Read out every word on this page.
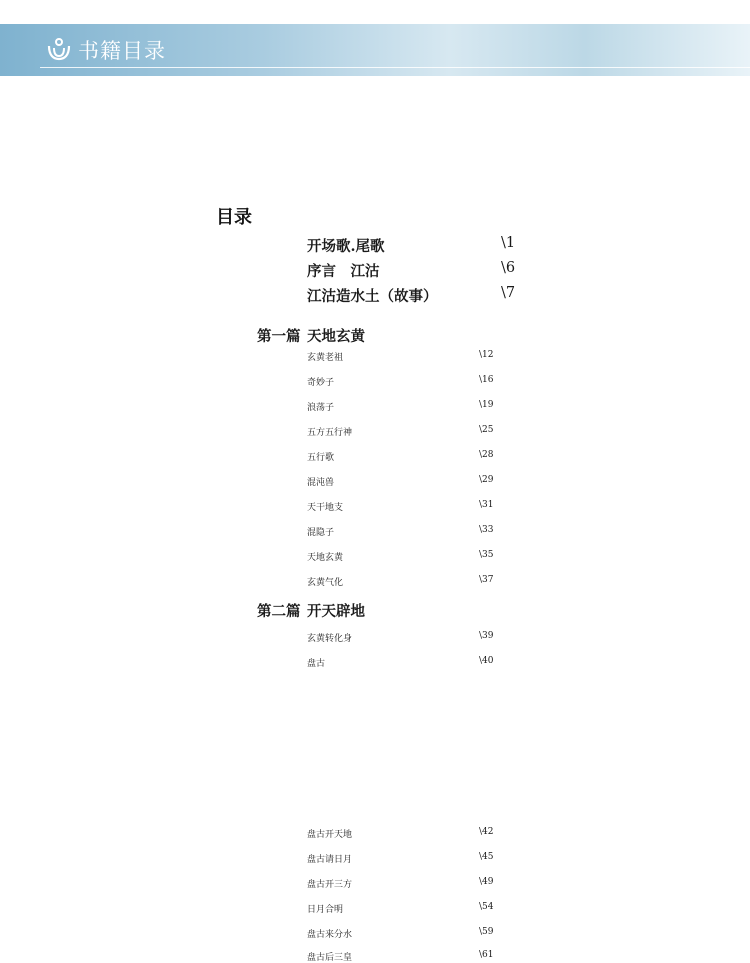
书籍目录
目录
开场歌.尾歌	\1
序言　江沽	\6
江沽造水土（故事）	\7
第一篇 天地玄黄
玄黄老祖	\12
奇妙子	\16
浪荡子	\19
五方五行神	\25
五行歌	\28
混沌兽	\29
天干地支	\31
混隐子	\33
天地玄黄	\35
玄黄气化	\37
第二篇 开天辟地
玄黄转化身	\39
盘古	\40
盘古开天地	\42
盘古请日月	\45
盘古开三方	\49
日月合明	\54
盘古来分水	\59
盘古后三皇	\61
